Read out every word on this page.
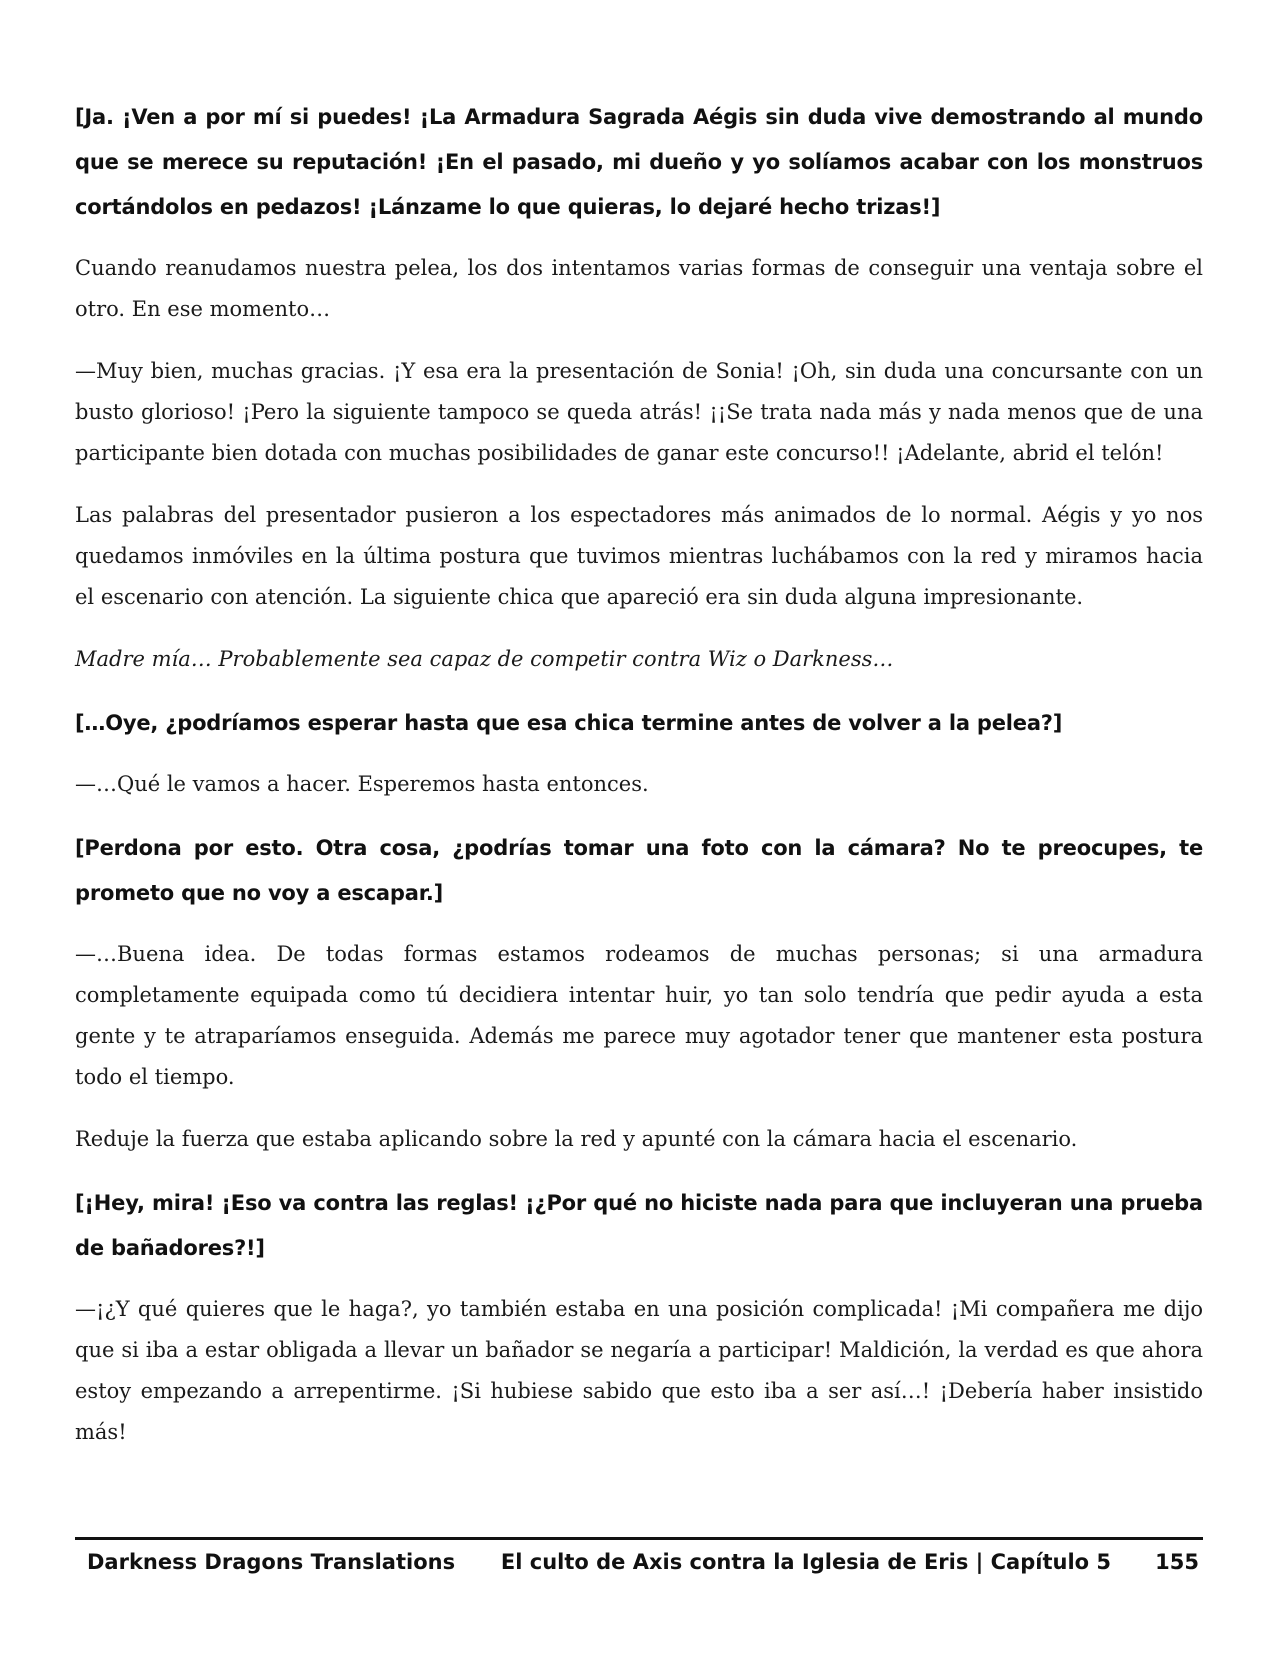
[Ja. ¡Ven a por mí si puedes! ¡La Armadura Sagrada Aégis sin duda vive demostrando al mundo que se merece su reputación! ¡En el pasado, mi dueño y yo solíamos acabar con los monstruos cortándolos en pedazos! ¡Lánzame lo que quieras, lo dejaré hecho trizas!]

Cuando reanudamos nuestra pelea, los dos intentamos varias formas de conseguir una ventaja sobre el otro. En ese momento…

—Muy bien, muchas gracias. ¡Y esa era la presentación de Sonia! ¡Oh, sin duda una concursante con un busto glorioso! ¡Pero la siguiente tampoco se queda atrás! ¡¡Se trata nada más y nada menos que de una participante bien dotada con muchas posibilidades de ganar este concurso!! ¡Adelante, abrid el telón!

Las palabras del presentador pusieron a los espectadores más animados de lo normal. Aégis y yo nos quedamos inmóviles en la última postura que tuvimos mientras luchábamos con la red y miramos hacia el escenario con atención. La siguiente chica que apareció era sin duda alguna impresionante.

Madre mía… Probablemente sea capaz de competir contra Wiz o Darkness…

[…Oye, ¿podríamos esperar hasta que esa chica termine antes de volver a la pelea?]

—…Qué le vamos a hacer. Esperemos hasta entonces.

[Perdona por esto. Otra cosa, ¿podrías tomar una foto con la cámara? No te preocupes, te prometo que no voy a escapar.]

—…Buena idea. De todas formas estamos rodeamos de muchas personas; si una armadura completamente equipada como tú decidiera intentar huir, yo tan solo tendría que pedir ayuda a esta gente y te atraparíamos enseguida. Además me parece muy agotador tener que mantener esta postura todo el tiempo.

Reduje la fuerza que estaba aplicando sobre la red y apunté con la cámara hacia el escenario.

[¡Hey, mira! ¡Eso va contra las reglas! ¡¿Por qué no hiciste nada para que incluyeran una prueba de bañadores?!]

—¡¿Y qué quieres que le haga?, yo también estaba en una posición complicada! ¡Mi compañera me dijo que si iba a estar obligada a llevar un bañador se negaría a participar! Maldición, la verdad es que ahora estoy empezando a arrepentirme. ¡Si hubiese sabido que esto iba a ser así…! ¡Debería haber insistido más!

Darkness Dragons Translations El culto de Axis contra la Iglesia de Eris | Capítulo 5 155
